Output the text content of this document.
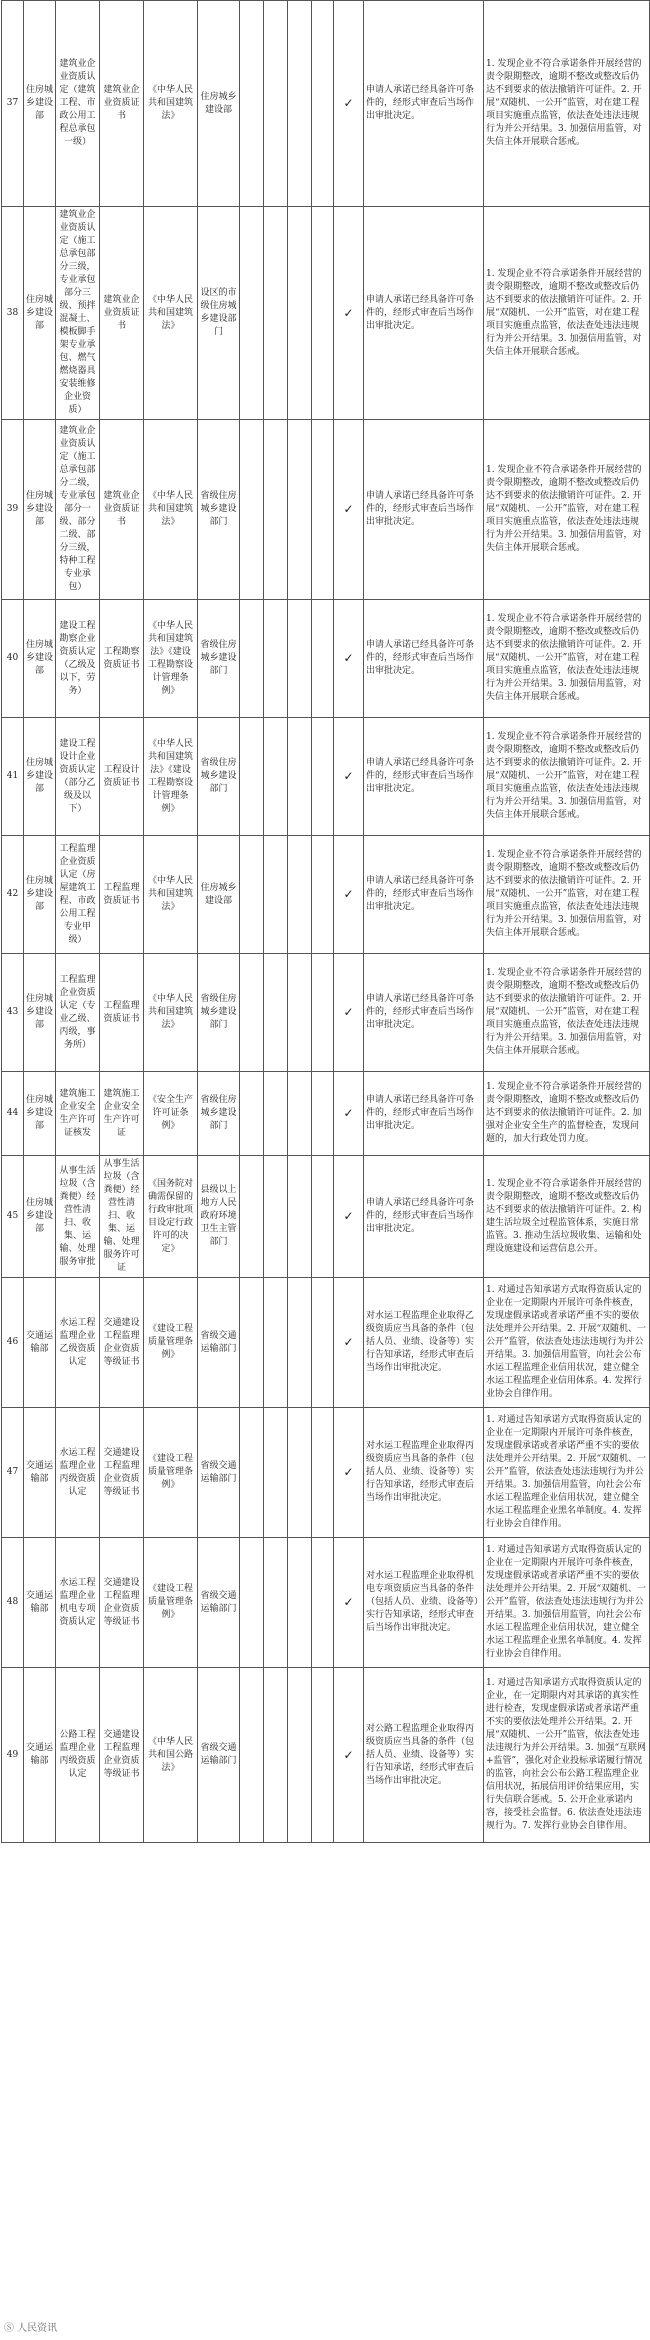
37	住房城乡建设部	建筑业企业资质认定（建筑工程、市政公用工程总承包一级）	建筑业企业资质证书	《中华人民共和国建筑法》	住房城乡建设部					✓	申请人承诺已经具备许可条件的，经形式审查后当场作出审批决定。	1. 发现企业不符合承诺条件开展经营的责令限期整改，逾期不整改或整改后仍达不到要求的依法撤销许可证件。2. 开展“双随机、一公开”监管，对在建工程项目实施重点监管，依法查处违法违规行为并公开结果。3. 加强信用监管，对失信主体开展联合惩戒。
38	住房城乡建设部	建筑业企业资质认定（施工总承包部分三级，专业承包部分三级、预拌混凝土、模板脚手架专业承包、燃气燃烧器具安装维修企业资质）	建筑业企业资质证书	《中华人民共和国建筑法》	设区的市级住房城乡建设部门					✓	申请人承诺已经具备许可条件的，经形式审查后当场作出审批决定。	1. 发现企业不符合承诺条件开展经营的责令限期整改，逾期不整改或整改后仍达不到要求的依法撤销许可证件。2. 开展“双随机、一公开”监管，对在建工程项目实施重点监管，依法查处违法违规行为并公开结果。3. 加强信用监管，对失信主体开展联合惩戒。
39	住房城乡建设部	建筑业企业资质认定（施工总承包部分二级，专业承包部分一级、部分二级、部分三级，特种工程专业承包）	建筑业企业资质证书	《中华人民共和国建筑法》	省级住房城乡建设部门					✓	申请人承诺已经具备许可条件的，经形式审查后当场作出审批决定。	1. 发现企业不符合承诺条件开展经营的责令限期整改，逾期不整改或整改后仍达不到要求的依法撤销许可证件。2. 开展“双随机、一公开”监管，对在建工程项目实施重点监管，依法查处违法违规行为并公开结果。3. 加强信用监管，对失信主体开展联合惩戒。
40	住房城乡建设部	建设工程勘察企业资质认定（乙级及以下，劳务）	工程勘察资质证书	《中华人民共和国建筑法》《建设工程勘察设计管理条例》	省级住房城乡建设部门					✓	申请人承诺已经具备许可条件的，经形式审查后当场作出审批决定。	1. 发现企业不符合承诺条件开展经营的责令限期整改，逾期不整改或整改后仍达不到要求的依法撤销许可证件。2. 开展“双随机、一公开”监管，对在建工程项目实施重点监管，依法查处违法违规行为并公开结果。3. 加强信用监管，对失信主体开展联合惩戒。
41	住房城乡建设部	建设工程设计企业资质认定（部分乙级及以下）	工程设计资质证书	《中华人民共和国建筑法》《建设工程勘察设计管理条例》	省级住房城乡建设部门					✓	申请人承诺已经具备许可条件的，经形式审查后当场作出审批决定。	1. 发现企业不符合承诺条件开展经营的责令限期整改，逾期不整改或整改后仍达不到要求的依法撤销许可证件。2. 开展“双随机、一公开”监管，对在建工程项目实施重点监管，依法查处违法违规行为并公开结果。3. 加强信用监管，对失信主体开展联合惩戒。
42	住房城乡建设部	工程监理企业资质认定（房屋建筑工程、市政公用工程专业甲级）	工程监理资质证书	《中华人民共和国建筑法》	住房城乡建设部					✓	申请人承诺已经具备许可条件的，经形式审查后当场作出审批决定。	1. 发现企业不符合承诺条件开展经营的责令限期整改，逾期不整改或整改后仍达不到要求的依法撤销许可证件。2. 开展“双随机、一公开”监管，对在建工程项目实施重点监管，依法查处违法违规行为并公开结果。3. 加强信用监管，对失信主体开展联合惩戒。
43	住房城乡建设部	工程监理企业资质认定（专业乙级、丙级，事务所）	工程监理资质证书	《中华人民共和国建筑法》	省级住房城乡建设部门					✓	申请人承诺已经具备许可条件的，经形式审查后当场作出审批决定。	1. 发现企业不符合承诺条件开展经营的责令限期整改，逾期不整改或整改后仍达不到要求的依法撤销许可证件。2. 开展“双随机、一公开”监管，对在建工程项目实施重点监管，依法查处违法违规行为并公开结果。3. 加强信用监管，对失信主体开展联合惩戒。
44	住房城乡建设部	建筑施工企业安全生产许可证核发	建筑施工企业安全生产许可证	《安全生产许可证条例》	省级住房城乡建设部门					✓	申请人承诺已经具备许可条件的，经形式审查后当场作出审批决定。	1. 发现企业不符合承诺条件开展经营的责令限期整改，逾期不整改或整改后仍达不到要求的依法撤销许可证件。2. 加强对企业安全生产的监督检查，发现问题的，加大行政处罚力度。
45	住房城乡建设部	从事生活垃圾（含粪便）经营性清扫、收集、运输、处理服务审批	从事生活垃圾（含粪便）经营性清扫、收集、运输、处理服务许可证	《国务院对确需保留的行政审批项目设定行政许可的决定》	县级以上地方人民政府环境卫生主管部门					✓	申请人承诺已经具备许可条件的，经形式审查后当场作出审批决定。	1. 发现企业不符合承诺条件开展经营的责令限期整改，逾期不整改或整改后仍达不到要求的依法撤销许可证件。2. 构建生活垃圾全过程监管体系，实施日常监管。3. 推动生活垃圾收集、运输和处理设施建设和运营信息公开。
46	交通运输部	水运工程监理企业乙级资质认定	交通建设工程监理企业资质等级证书	《建设工程质量管理条例》	省级交通运输部门					✓	对水运工程监理企业取得乙级资质应当具备的条件（包括人员、业绩、设备等）实行告知承诺，经形式审查后当场作出审批决定。	1. 对通过告知承诺方式取得资质认定的企业在一定期限内开展许可条件核查，发现虚假承诺或者承诺严重不实的要依法处理并公开结果。2. 开展“双随机、一公开”监管，依法查处违法违规行为并公开结果。3. 加强信用监管，向社会公布水运工程监理企业信用状况，建立健全水运工程监理企业信用体系。4. 发挥行业协会自律作用。
47	交通运输部	水运工程监理企业丙级资质认定	交通建设工程监理企业资质等级证书	《建设工程质量管理条例》	省级交通运输部门					✓	对水运工程监理企业取得丙级资质应当具备的条件（包括人员、业绩、设备等）实行告知承诺，经形式审查后当场作出审批决定。	1. 对通过告知承诺方式取得资质认定的企业在一定期限内开展许可条件核查，发现虚假承诺或者承诺严重不实的要依法处理并公开结果。2. 开展“双随机、一公开”监管，依法查处违法违规行为并公开结果。3. 加强信用监管，向社会公布水运工程监理企业信用状况，建立健全水运工程监理企业黑名单制度。4. 发挥行业协会自律作用。
48	交通运输部	水运工程监理企业机电专项资质认定	交通建设工程监理企业资质等级证书	《建设工程质量管理条例》	省级交通运输部门					✓	对水运工程监理企业取得机电专项资质应当具备的条件（包括人员、业绩、设备等）实行告知承诺，经形式审查后当场作出审批决定。	1. 对通过告知承诺方式取得资质认定的企业在一定期限内开展许可条件核查，发现虚假承诺或者承诺严重不实的要依法处理并公开结果。2. 开展“双随机、一公开”监管，依法查处违法违规行为并公开结果。3. 加强信用监管，向社会公布水运工程监理企业信用状况，建立健全水运工程监理企业黑名单制度。4. 发挥行业协会自律作用。
49	交通运输部	公路工程监理企业丙级资质认定	交通建设工程监理企业资质等级证书	《中华人民共和国公路法》	省级交通运输部门					✓	对公路工程监理企业取得丙级资质应当具备的条件（包括人员、业绩、设备等）实行告知承诺，经形式审查后当场作出审批决定。	1. 对通过告知承诺方式取得资质认定的企业，在一定期限内对其承诺的真实性进行检查，发现虚假承诺或者承诺严重不实的要依法处理并公开结果。2. 开展“双随机、一公开”监管，依法查处违法违规行为并公开结果。3. 加强“互联网+监管”，强化对企业投标承诺履行情况的监管，向社会公布公路工程监理企业信用状况，拓展信用评价结果应用，实行失信联合惩戒。5. 公开企业承诺内容，接受社会监督。6. 依法查处违法违规行为。7. 发挥行业协会自律作用。
Ⓢ 人民资讯
